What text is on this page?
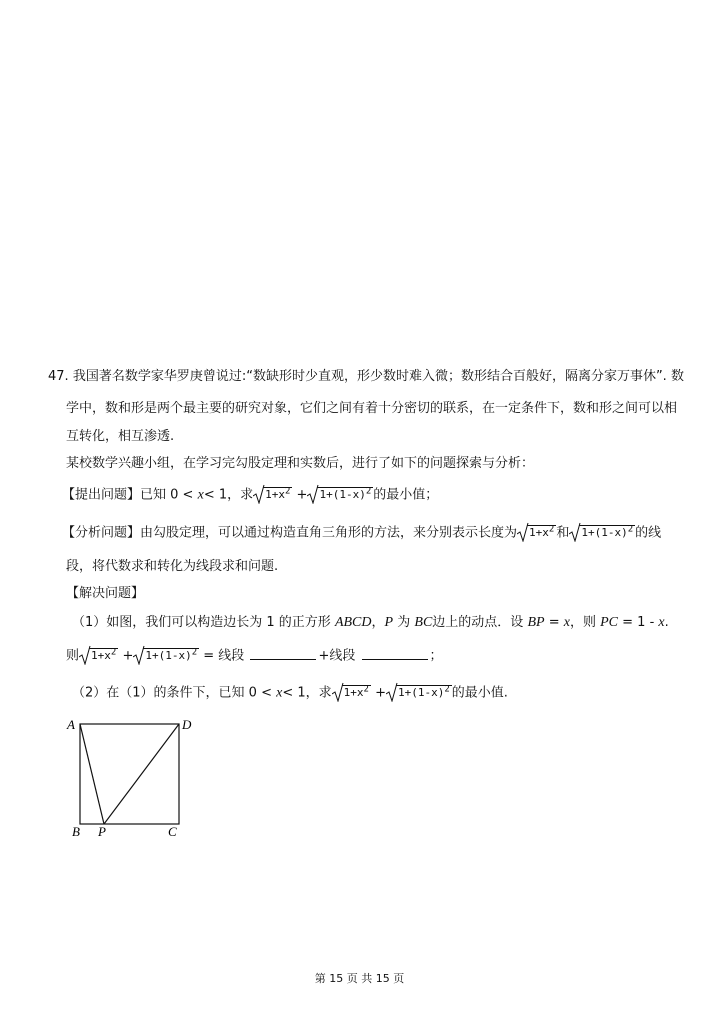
47. 我国著名数学家华罗庚曾说过:“数缺形时少直观，形少数时难入微；数形结合百般好，隔离分家万事休”. 数
学中，数和形是两个最主要的研究对象，它们之间有着十分密切的联系，在一定条件下，数和形之间可以相
互转化，相互渗透.
某校数学兴趣小组，在学习完勾股定理和实数后，进行了如下的问题探索与分析：
【提出问题】已知 0 < x< 1，求 $1+x^2 + 1+(1-x)^2$ 的最小值；
【分析问题】由勾股定理，可以通过构造直角三角形的方法，来分别表示长度为 $1+x^2$ 和 $1+(1-x)^2$ 的线
段，将代数求和转化为线段求和问题.
【解决问题】
（1）如图，我们可以构造边长为 1 的正方形 ABCD，P 为 BC边上的动点．设 BP = x，则 PC = 1 - x.
则 $1+x^2 + 1+(1-x)^2$ = 线段	+线段	；
（2）在（1）的条件下，已知 0 < x< 1，求 $1+x^2 + 1+(1-x)^2$ 的最小值.
A	D
B P	C
第 15 页 共 15 页
